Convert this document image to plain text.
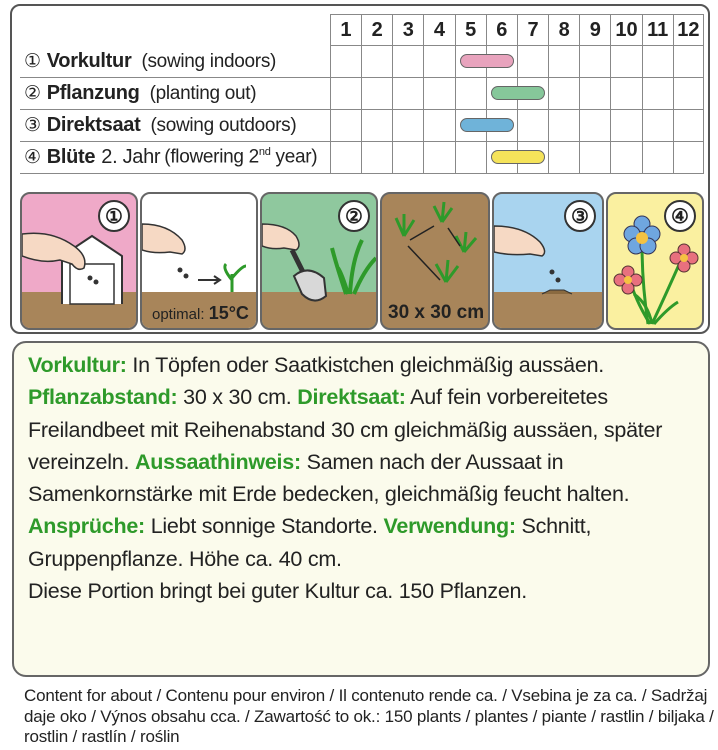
1	2	3	4	5	6	7	8	9 10 11 12
① Vorkultur (sowing indoors)
② Pflanzung (planting out)
③ Direktsaat (sowing outdoors)
④ Blüte 2. Jahr (flowering 2nd year)
①
optimal: 15°C
②
30 x 30 cm
③	④

Vorkultur: In Töpfen oder Saatkistchen gleichmäßig aussäen. Pflanzabstand: 30 x 30 cm. Direktsaat: Auf fein vorbereitetes Freilandbeet mit Reihenabstand 30 cm gleichmäßig aussäen, später vereinzeln. Aussaathinweis: Samen nach der Aussaat in Samenkornstärke mit Erde bedecken, gleichmäßig feucht halten. Ansprüche: Liebt sonnige Standorte. Verwendung: Schnitt, Gruppenpflanze. Höhe ca. 40 cm.
Diese Portion bringt bei guter Kultur ca. 150 Pflanzen.

Content for about / Contenu pour environ / Il contenuto rende ca. / Vsebina je za ca. / Sadržaj daje oko / Výnos obsahu cca. / Zawartość to ok.: 150 plants / plantes / piante / rastlin / biljaka / rostlin / rastlín / roślin
